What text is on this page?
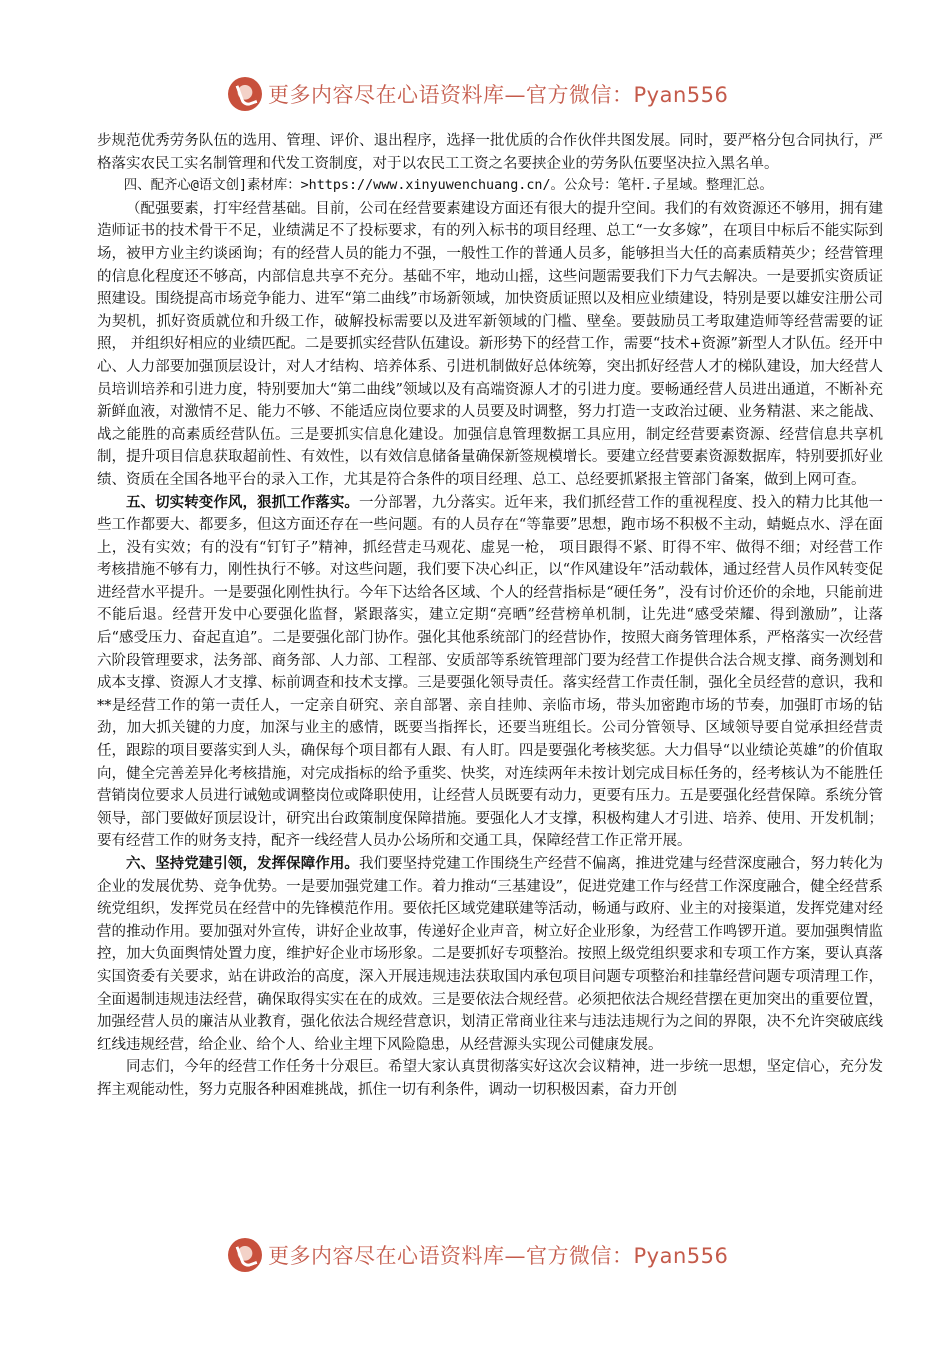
更多内容尽在心语资料库—官方微信：Pyan556

步规范优秀劳务队伍的选用、管理、评价、退出程序，选择一批优质的合作伙伴共图发展。同时，要严格分包合同执行，严格落实农民工实名制管理和代发工资制度，对于以农民工工资之名要挟企业的劳务队伍要坚决拉入黑名单。

四、配齐心@语文创]素材库：>https://www.xinyuwenchuang.cn/。公众号：笔杆.子星域。整理汇总。

（配强要素，打牢经营基础。目前，公司在经营要素建设方面还有很大的提升空间。我们的有效资源还不够用，拥有建造师证书的技术骨干不足，业绩满足不了投标要求，有的列入标书的项目经理、总工“一女多嫁”，在项目中标后不能实际到场，被甲方业主约谈函询；有的经营人员的能力不强，一般性工作的普通人员多，能够担当大任的高素质精英少；经营管理的信息化程度还不够高，内部信息共享不充分。基础不牢，地动山摇，这些问题需要我们下力气去解决。一是要抓实资质证照建设。围绕提高市场竞争能力、进军“第二曲线”市场新领域，加快资质证照以及相应业绩建设，特别是要以雄安注册公司为契机，抓好资质就位和升级工作，破解投标需要以及进军新领域的门槛、壁垒。要鼓励员工考取建造师等经营需要的证照， 并组织好相应的业绩匹配。二是要抓实经营队伍建设。新形势下的经营工作，需要“技术+资源”新型人才队伍。经开中心、人力部要加强顶层设计，对人才结构、培养体系、引进机制做好总体统筹，突出抓好经营人才的梯队建设，加大经营人员培训培养和引进力度，特别要加大“第二曲线”领域以及有高端资源人才的引进力度。要畅通经营人员进出通道，不断补充新鲜血液，对激情不足、能力不够、不能适应岗位要求的人员要及时调整，努力打造一支政治过硬、业务精湛、来之能战、战之能胜的高素质经营队伍。三是要抓实信息化建设。加强信息管理数据工具应用，制定经营要素资源、经营信息共享机制，提升项目信息获取超前性、有效性，以有效信息储备量确保新签规模增长。要建立经营要素资源数据库，特别要抓好业绩、资质在全国各地平台的录入工作，尤其是符合条件的项目经理、总工、总经要抓紧报主管部门备案，做到上网可查。

五、切实转变作风，狠抓工作落实。一分部署，九分落实。近年来，我们抓经营工作的重视程度、投入的精力比其他一些工作都要大、都要多，但这方面还存在一些问题。有的人员存在“等靠要”思想，跑市场不积极不主动，蜻蜓点水、浮在面上，没有实效；有的没有“钉钉子”精神，抓经营走马观花、虚晃一枪， 项目跟得不紧、盯得不牢、做得不细；对经营工作考核措施不够有力，刚性执行不够。对这些问题，我们要下决心纠正，以“作风建设年”活动载体，通过经营人员作风转变促进经营水平提升。一是要强化刚性执行。今年下达给各区域、个人的经营指标是“硬任务”，没有讨价还价的余地，只能前进不能后退。经营开发中心要强化监督，紧跟落实，建立定期“亮晒”经营榜单机制，让先进“感受荣耀、得到激励”，让落后“感受压力、奋起直追”。二是要强化部门协作。强化其他系统部门的经营协作，按照大商务管理体系，严格落实一次经营六阶段管理要求，法务部、商务部、人力部、工程部、安质部等系统管理部门要为经营工作提供合法合规支撑、商务测划和成本支撑、资源人才支撑、标前调查和技术支撑。三是要强化领导责任。落实经营工作责任制，强化全员经营的意识，我和**是经营工作的第一责任人，一定亲自研究、亲自部署、亲自挂帅、亲临市场，带头加密跑市场的节奏，加强盯市场的钻劲，加大抓关键的力度，加深与业主的感情，既要当指挥长，还要当班组长。公司分管领导、区域领导要自觉承担经营责任，跟踪的项目要落实到人头，确保每个项目都有人跟、有人盯。四是要强化考核奖惩。大力倡导“以业绩论英雄”的价值取向，健全完善差异化考核措施，对完成指标的给予重奖、快奖，对连续两年未按计划完成目标任务的，经考核认为不能胜任营销岗位要求人员进行诫勉或调整岗位或降职使用，让经营人员既要有动力，更要有压力。五是要强化经营保障。系统分管领导，部门要做好顶层设计，研究出台政策制度保障措施。要强化人才支撑，积极构建人才引进、培养、使用、开发机制；要有经营工作的财务支持，配齐一线经营人员办公场所和交通工具，保障经营工作正常开展。

六、坚持党建引领，发挥保障作用。我们要坚持党建工作围绕生产经营不偏离，推进党建与经营深度融合，努力转化为企业的发展优势、竞争优势。一是要加强党建工作。着力推动“三基建设”，促进党建工作与经营工作深度融合，健全经营系统党组织，发挥党员在经营中的先锋模范作用。要依托区域党建联建等活动，畅通与政府、业主的对接渠道，发挥党建对经营的推动作用。要加强对外宣传，讲好企业故事，传递好企业声音，树立好企业形象，为经营工作鸣锣开道。要加强舆情监控，加大负面舆情处置力度，维护好企业市场形象。二是要抓好专项整治。按照上级党组织要求和专项工作方案，要认真落实国资委有关要求，站在讲政治的高度，深入开展违规违法获取国内承包项目问题专项整治和挂靠经营问题专项清理工作，全面遏制违规违法经营，确保取得实实在在的成效。三是要依法合规经营。必须把依法合规经营摆在更加突出的重要位置，加强经营人员的廉洁从业教育，强化依法合规经营意识，划清正常商业往来与违法违规行为之间的界限，决不允许突破底线红线违规经营，给企业、给个人、给业主埋下风险隐患，从经营源头实现公司健康发展。

同志们，今年的经营工作任务十分艰巨。希望大家认真贯彻落实好这次会议精神，进一步统一思想，坚定信心，充分发挥主观能动性，努力克服各种困难挑战，抓住一切有利条件，调动一切积极因素，奋力开创

更多内容尽在心语资料库—官方微信：Pyan556
